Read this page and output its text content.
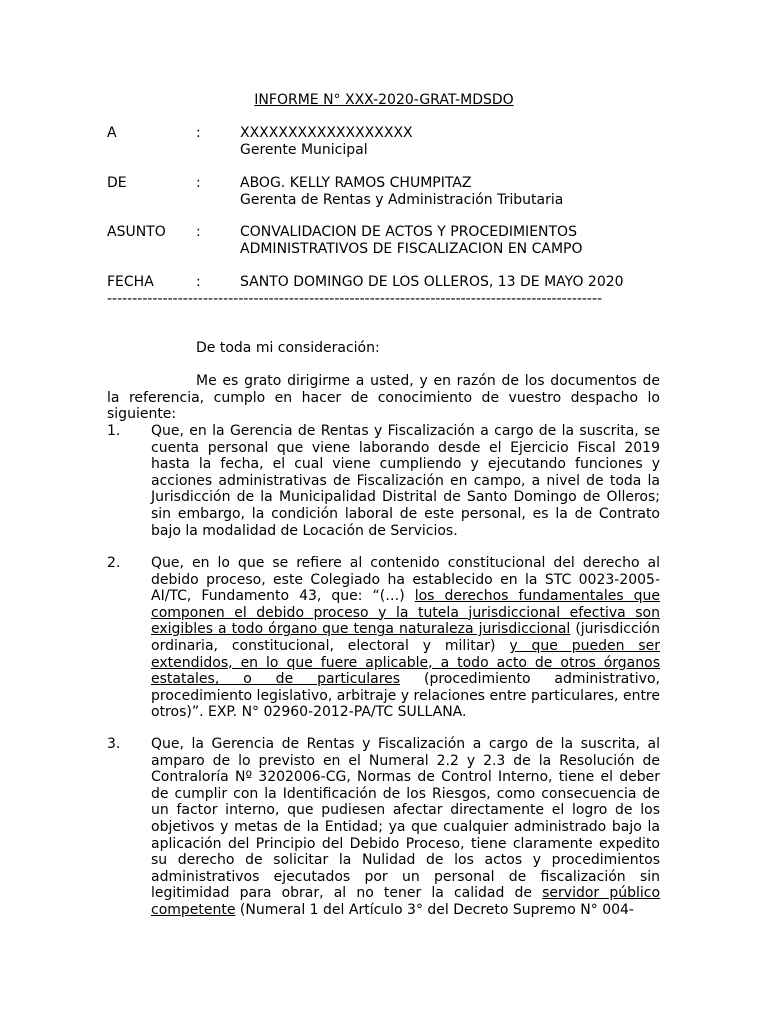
INFORME N° XXX-2020-GRAT-MDSDO
A	:	XXXXXXXXXXXXXXXXXX
Gerente Municipal
DE	:	ABOG. KELLY RAMOS CHUMPITAZ
Gerenta de Rentas y Administración Tributaria
ASUNTO :	CONVALIDACION DE ACTOS Y PROCEDIMIENTOS
ADMINISTRATIVOS DE FISCALIZACION EN CAMPO
FECHA	:	SANTO DOMINGO DE LOS OLLEROS, 13 DE MAYO 2020
--------------------------------------------------------------------------------------------------
De toda mi consideración:
Me es grato dirigirme a usted, y en razón de los documentos de la referencia, cumplo en hacer de conocimiento de vuestro despacho lo siguiente:
1. Que, en la Gerencia de Rentas y Fiscalización a cargo de la suscrita, se cuenta personal que viene laborando desde el Ejercicio Fiscal 2019 hasta la fecha, el cual viene cumpliendo y ejecutando funciones y acciones administrativas de Fiscalización en campo, a nivel de toda la Jurisdicción de la Municipalidad Distrital de Santo Domingo de Olleros; sin embargo, la condición laboral de este personal, es la de Contrato bajo la modalidad de Locación de Servicios.
2. Que, en lo que se refiere al contenido constitucional del derecho al debido proceso, este Colegiado ha establecido en la STC 0023-2005-AI/TC, Fundamento 43, que: “(…) los derechos fundamentales que componen el debido proceso y la tutela jurisdiccional efectiva son exigibles a todo órgano que tenga naturaleza jurisdiccional (jurisdicción ordinaria, constitucional, electoral y militar) y que pueden ser extendidos, en lo que fuere aplicable, a todo acto de otros órganos estatales, o de particulares (procedimiento administrativo, procedimiento legislativo, arbitraje y relaciones entre particulares, entre otros)”. EXP. N° 02960-2012-PA/TC SULLANA.
3. Que, la Gerencia de Rentas y Fiscalización a cargo de la suscrita, al amparo de lo previsto en el Numeral 2.2 y 2.3 de la Resolución de Contraloría Nº 3202006-CG, Normas de Control Interno, tiene el deber de cumplir con la Identificación de los Riesgos, como consecuencia de un factor interno, que pudiesen afectar directamente el logro de los objetivos y metas de la Entidad; ya que cualquier administrado bajo la aplicación del Principio del Debido Proceso, tiene claramente expedito su derecho de solicitar la Nulidad de los actos y procedimientos administrativos ejecutados por un personal de fiscalización sin legitimidad para obrar, al no tener la calidad de servidor público competente (Numeral 1 del Artículo 3° del Decreto Supremo N° 004-
